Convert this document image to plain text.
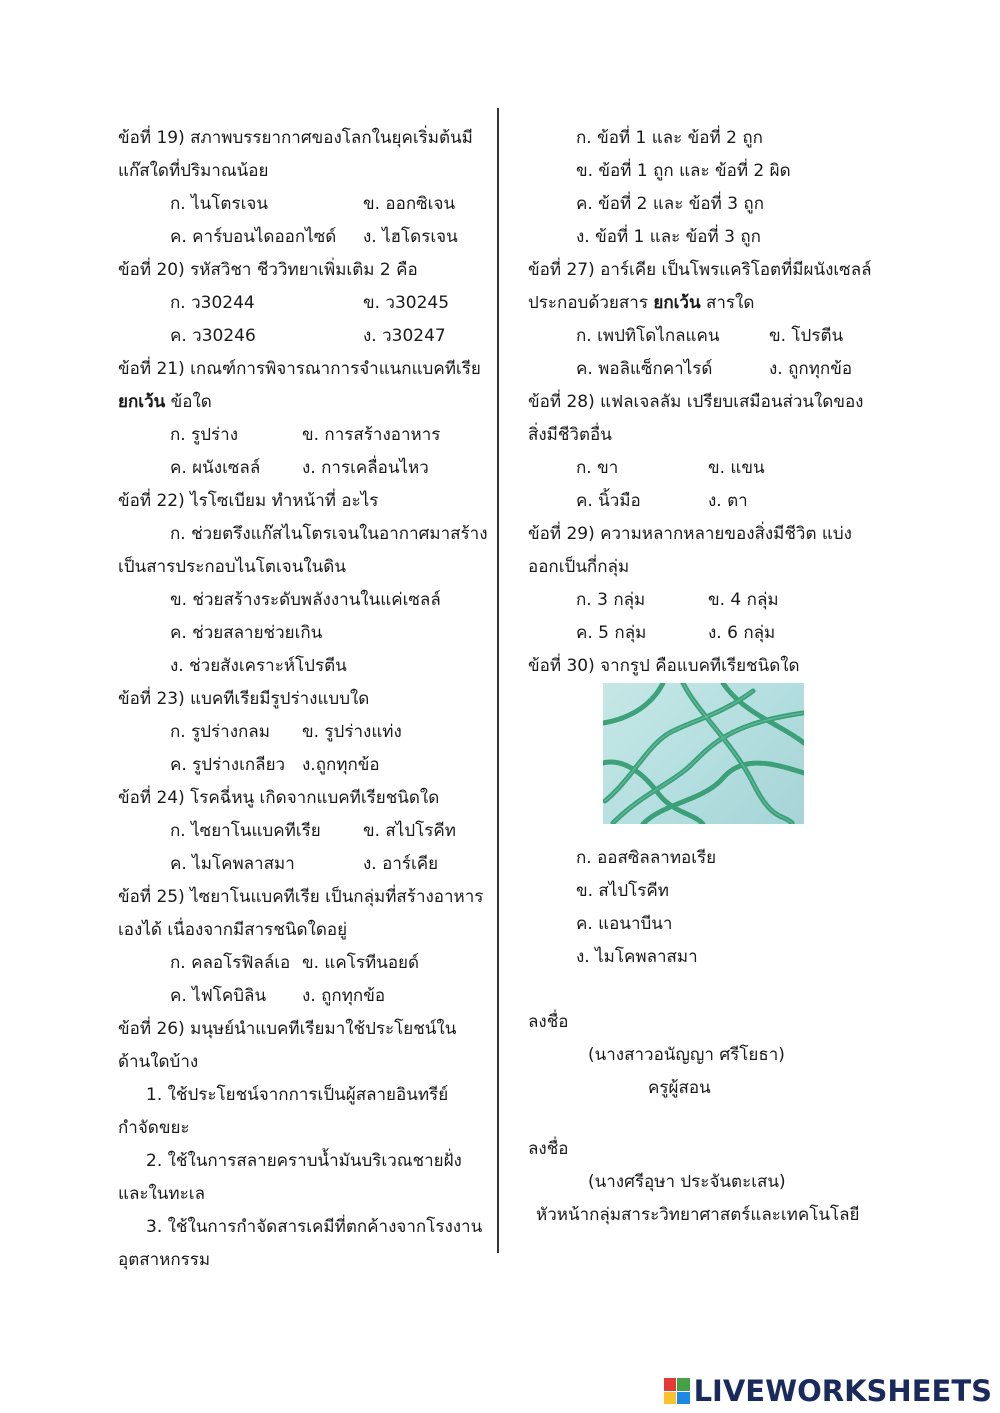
ข้อที่ 19) สภาพบรรยากาศของโลกในยุคเริ่มต้นมี
แก๊สใดที่ปริมาณน้อย
ก. ไนโตรเจน	ข. ออกซิเจน
ค. คาร์บอนไดออกไซด์	ง. ไฮโดรเจน
ข้อที่ 20) รหัสวิชา ชีววิทยาเพิ่มเติม 2 คือ
ก. ว30244	ข. ว30245
ค. ว30246	ง. ว30247
ข้อที่ 21) เกณฑ์การพิจารณาการจำแนกแบคทีเรีย
ยกเว้น ข้อใด
ก. รูปร่าง	ข. การสร้างอาหาร
ค. ผนังเซลล์	ง. การเคลื่อนไหว
ข้อที่ 22) ไรโซเบียม ทำหน้าที่ อะไร
ก. ช่วยตรึงแก๊สไนโตรเจนในอากาศมาสร้าง
เป็นสารประกอบไนโตเจนในดิน
ข. ช่วยสร้างระดับพลังงานในแค่เซลล์
ค. ช่วยสลายช่วยเกิน
ง. ช่วยสังเคราะห์โปรตีน
ข้อที่ 23) แบคทีเรียมีรูปร่างแบบใด
ก. รูปร่างกลม	ข. รูปร่างแท่ง
ค. รูปร่างเกลียว ง.ถูกทุกข้อ
ข้อที่ 24) โรคฉี่หนู เกิดจากแบคทีเรียชนิดใด
ก. ไซยาโนแบคทีเรีย	ข. สไปโรคีท
ค. ไมโคพลาสมา	ง. อาร์เคีย
ข้อที่ 25) ไซยาโนแบคทีเรีย เป็นกลุ่มที่สร้างอาหาร
เองได้ เนื่องจากมีสารชนิดใดอยู่
ก. คลอโรฟิลล์เอ ข. แคโรทีนอยด์
ค. ไฟโคบิลิน	ง. ถูกทุกข้อ
ข้อที่ 26) มนุษย์นำแบคทีเรียมาใช้ประโยชน์ใน
ด้านใดบ้าง
1. ใช้ประโยชน์จากการเป็นผู้สลายอินทรีย์
กำจัดขยะ
2. ใช้ในการสลายคราบน้ำมันบริเวณชายฝั่ง
และในทะเล
3. ใช้ในการกำจัดสารเคมีที่ตกค้างจากโรงงาน
อุตสาหกรรม
ก. ข้อที่ 1 และ ข้อที่ 2 ถูก
ข. ข้อที่ 1 ถูก และ ข้อที่ 2 ผิด
ค. ข้อที่ 2 และ ข้อที่ 3 ถูก
ง. ข้อที่ 1 และ ข้อที่ 3 ถูก
ข้อที่ 27) อาร์เคีย เป็นโพรแคริโอตที่มีผนังเซลล์
ประกอบด้วยสาร ยกเว้น สารใด
ก. เพปทิโดไกลแคน	ข. โปรตีน
ค. พอลิแซ็กคาไรด์	ง. ถูกทุกข้อ
ข้อที่ 28) แฟลเจลลัม เปรียบเสมือนส่วนใดของ
สิ่งมีชีวิตอื่น
ก. ขา	ข. แขน
ค. นิ้วมือ	ง. ตา
ข้อที่ 29) ความหลากหลายของสิ่งมีชีวิต แบ่ง
ออกเป็นกี่กลุ่ม
ก. 3 กลุ่ม	ข. 4 กลุ่ม
ค. 5 กลุ่ม	ง. 6 กลุ่ม
ข้อที่ 30) จากรูป คือแบคทีเรียชนิดใด
ก. ออสซิลลาทอเรีย
ข. สไปโรคีท
ค. แอนาบีนา
ง. ไมโคพลาสมา
ลงชื่อ
(นางสาวอนัญญา ศรีโยธา)
ครูผู้สอน
ลงชื่อ
(นางศรีอุษา ประจันตะเสน)
หัวหน้ากลุ่มสาระวิทยาศาสตร์และเทคโนโลยี
LIVEWORKSHEETS
